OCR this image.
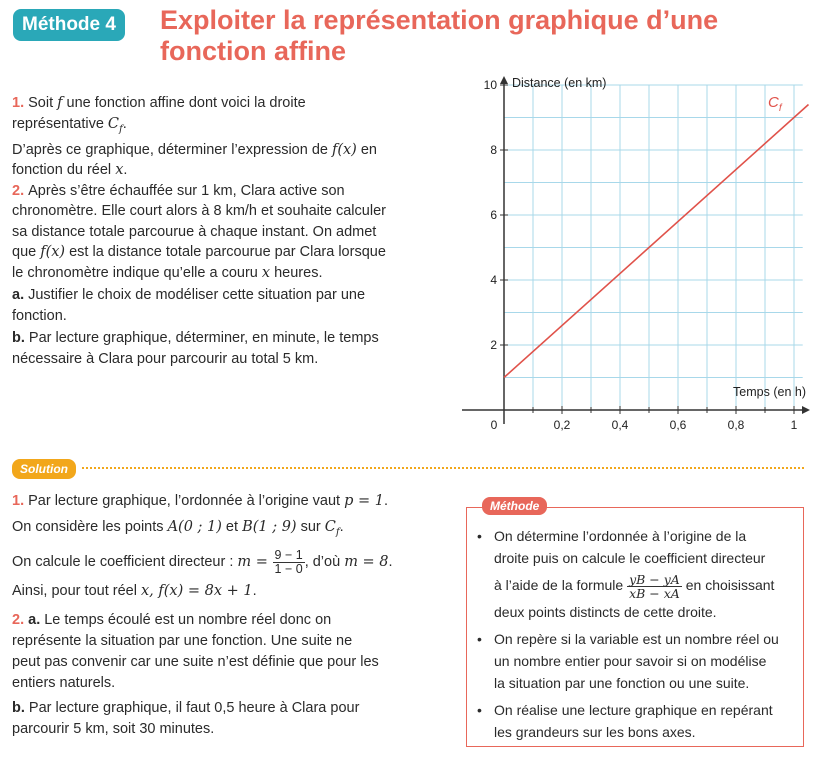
Méthode 4	Exploiter la représentation graphique d’une
fonction affine
1. Soit f une fonction affine dont voici la droite
représentative $C_f$.
D’après ce graphique, déterminer l’expression de f(x) en
fonction du réel x.
2. Après s’être échauffée sur 1 km, Clara active son
chronomètre. Elle court alors à 8 km/h et souhaite calculer
sa distance totale parcourue à chaque instant. On admet
que f(x) est la distance totale parcourue par Clara lorsque
le chronomètre indique qu’elle a couru x heures.
a. Justifier le choix de modéliser cette situation par une
fonction.
b. Par lecture graphique, déterminer, en minute, le temps
nécessaire à Clara pour parcourir au total 5 km.
0	0,2	0,4	0,6	0,8	1
2
4
6
8
10 Distance (en km)
Temps (en h)
$C_f$
Solution
1. Par lecture graphique, l’ordonnée à l’origine vaut p = 1.
On considère les points A(0 ; 1) et B(1 ; 9) sur $C_f$.
On calcule le coefficient directeur : $m = \frac{9 - 1}{1 - 0}$ , d’où m = 8.
Ainsi, pour tout réel x, f(x) = 8x + 1.
2. a. Le temps écoulé est un nombre réel donc on
représente la situation par une fonction. Une suite ne
peut pas convenir car une suite n’est définie que pour les
entiers naturels.
b. Par lecture graphique, il faut 0,5 heure à Clara pour
parcourir 5 km, soit 30 minutes.
Méthode
• On détermine l’ordonnée à l’origine de la
droite puis on calcule le coefficient directeur
à l’aide de la formule $\frac{yB - yA}{xB - xA}$ en choisissant
deux points distincts de cette droite.
• On repère si la variable est un nombre réel ou
un nombre entier pour savoir si on modélise
la situation par une fonction ou une suite.
• On réalise une lecture graphique en repérant
les grandeurs sur les bons axes.
